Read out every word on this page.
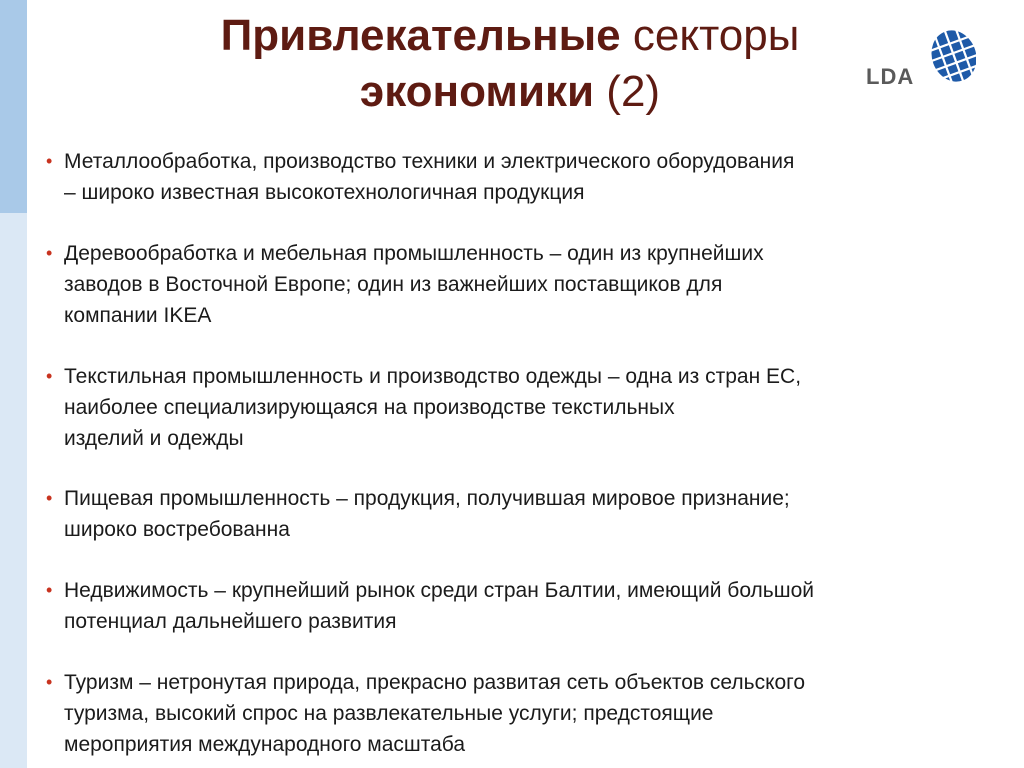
Привлекательные секторы
экономики (2)	LDA
• Металлообработка, производство техники и электрического оборудования
– широко известная высокотехнологичная продукция
• Деревообработка и мебельная промышленность – один из крупнейших
заводов в Восточной Европе; один из важнейших поставщиков для
компании IKEA
• Текстильная промышленность и производство одежды – одна из стран ЕС,
наиболее специализирующаяся на производстве текстильных
изделий и одежды
• Пищевая промышленность – продукция, получившая мировое признание;
широко востребованна
• Недвижимость – крупнейший рынок среди стран Балтии, имеющий большой
потенциал дальнейшего развития
• Туризм – нетронутая природа, прекрасно развитая сеть объектов сельского
туризма, высокий спрос на развлекательные услуги; предстоящие
мероприятия международного масштаба
